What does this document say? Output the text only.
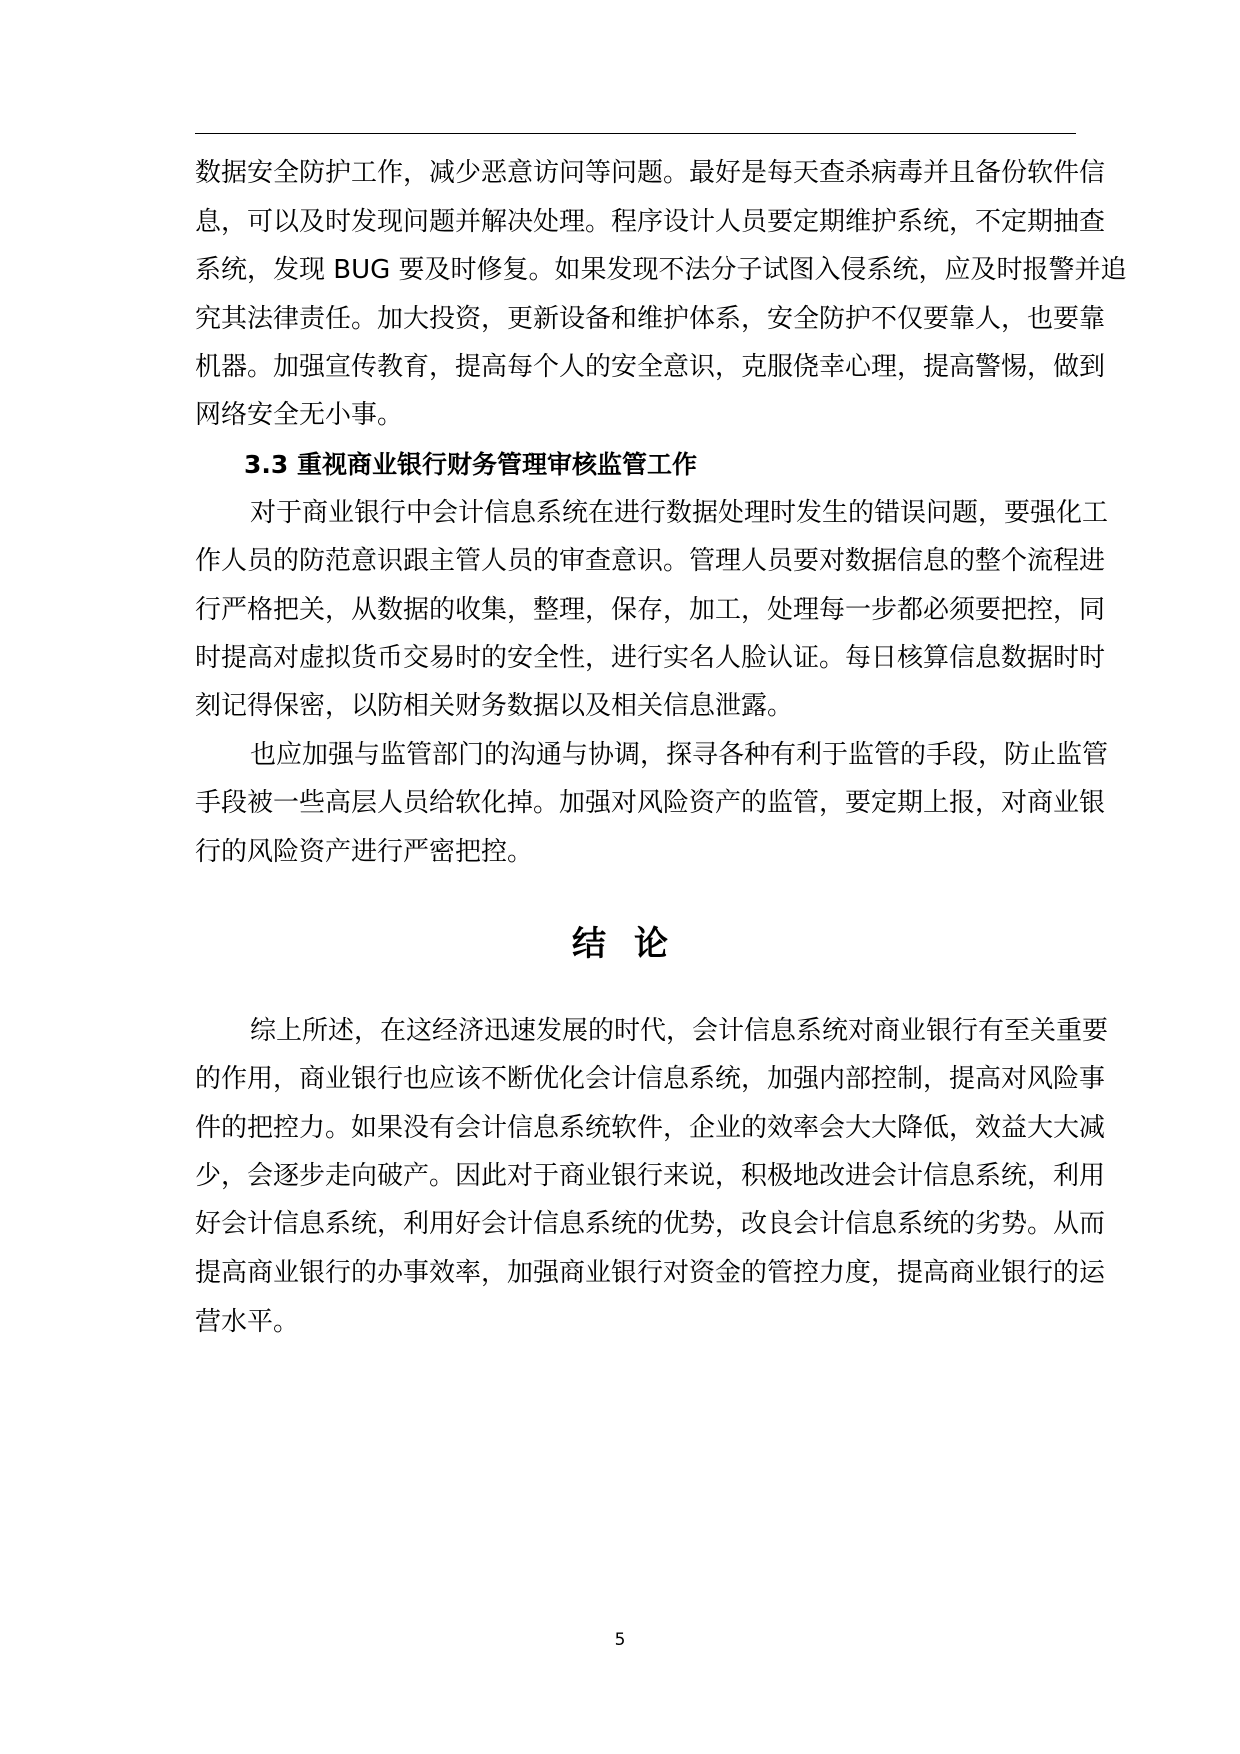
数据安全防护工作，减少恶意访问等问题。最好是每天查杀病毒并且备份软件信
息，可以及时发现问题并解决处理。程序设计人员要定期维护系统，不定期抽查
系统，发现 BUG 要及时修复。如果发现不法分子试图入侵系统，应及时报警并追
究其法律责任。加大投资，更新设备和维护体系，安全防护不仅要靠人，也要靠
机器。加强宣传教育，提高每个人的安全意识，克服侥幸心理，提高警惕，做到
网络安全无小事。
3.3 重视商业银行财务管理审核监管工作
对于商业银行中会计信息系统在进行数据处理时发生的错误问题，要强化工
作人员的防范意识跟主管人员的审查意识。管理人员要对数据信息的整个流程进
行严格把关，从数据的收集，整理，保存，加工，处理每一步都必须要把控，同
时提高对虚拟货币交易时的安全性，进行实名人脸认证。每日核算信息数据时时
刻记得保密，以防相关财务数据以及相关信息泄露。
也应加强与监管部门的沟通与协调，探寻各种有利于监管的手段，防止监管
手段被一些高层人员给软化掉。加强对风险资产的监管，要定期上报，对商业银
行的风险资产进行严密把控。
结论
综上所述，在这经济迅速发展的时代，会计信息系统对商业银行有至关重要
的作用，商业银行也应该不断优化会计信息系统，加强内部控制，提高对风险事
件的把控力。如果没有会计信息系统软件，企业的效率会大大降低，效益大大减
少，会逐步走向破产。因此对于商业银行来说，积极地改进会计信息系统，利用
好会计信息系统，利用好会计信息系统的优势，改良会计信息系统的劣势。从而
提高商业银行的办事效率，加强商业银行对资金的管控力度，提高商业银行的运
营水平。
5
